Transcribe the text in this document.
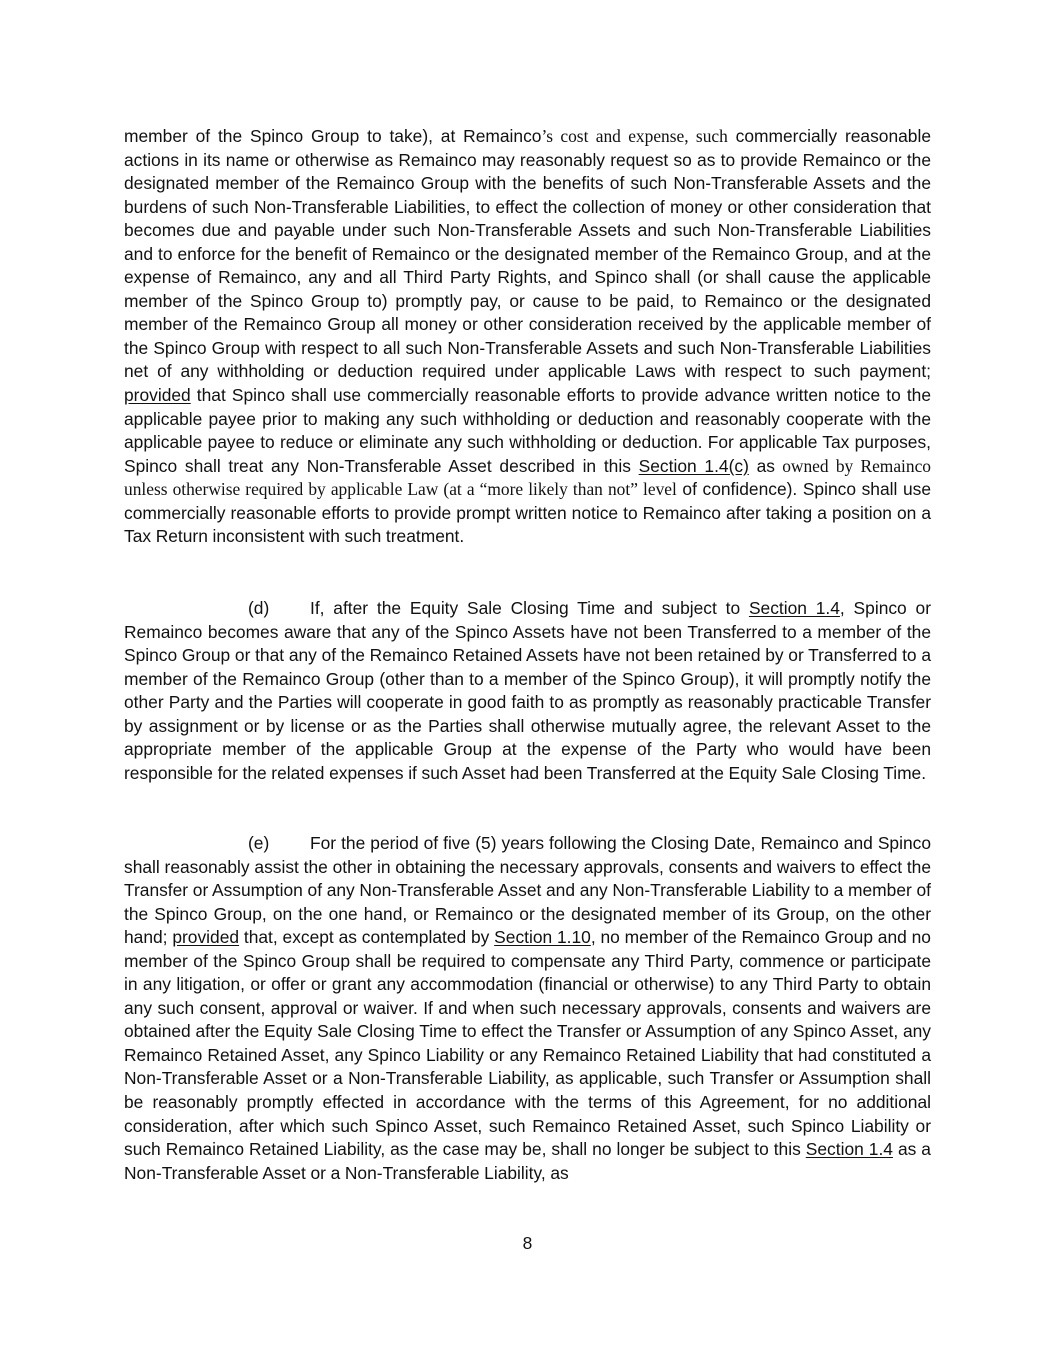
member of the Spinco Group to take), at Remainco’s cost and expense, such commercially reasonable actions in its name or otherwise as Remainco may reasonably request so as to provide Remainco or the designated member of the Remainco Group with the benefits of such Non-Transferable Assets and the burdens of such Non-Transferable Liabilities, to effect the collection of money or other consideration that becomes due and payable under such Non-Transferable Assets and such Non-Transferable Liabilities and to enforce for the benefit of Remainco or the designated member of the Remainco Group, and at the expense of Remainco, any and all Third Party Rights, and Spinco shall (or shall cause the applicable member of the Spinco Group to) promptly pay, or cause to be paid, to Remainco or the designated member of the Remainco Group all money or other consideration received by the applicable member of the Spinco Group with respect to all such Non-Transferable Assets and such Non-Transferable Liabilities net of any withholding or deduction required under applicable Laws with respect to such payment; provided that Spinco shall use commercially reasonable efforts to provide advance written notice to the applicable payee prior to making any such withholding or deduction and reasonably cooperate with the applicable payee to reduce or eliminate any such withholding or deduction. For applicable Tax purposes, Spinco shall treat any Non-Transferable Asset described in this Section 1.4(c) as owned by Remainco unless otherwise required by applicable Law (at a “more likely than not” level of confidence). Spinco shall use commercially reasonable efforts to provide prompt written notice to Remainco after taking a position on a Tax Return inconsistent with such treatment.
(d) If, after the Equity Sale Closing Time and subject to Section 1.4, Spinco or Remainco becomes aware that any of the Spinco Assets have not been Transferred to a member of the Spinco Group or that any of the Remainco Retained Assets have not been retained by or Transferred to a member of the Remainco Group (other than to a member of the Spinco Group), it will promptly notify the other Party and the Parties will cooperate in good faith to as promptly as reasonably practicable Transfer by assignment or by license or as the Parties shall otherwise mutually agree, the relevant Asset to the appropriate member of the applicable Group at the expense of the Party who would have been responsible for the related expenses if such Asset had been Transferred at the Equity Sale Closing Time.
(e) For the period of five (5) years following the Closing Date, Remainco and Spinco shall reasonably assist the other in obtaining the necessary approvals, consents and waivers to effect the Transfer or Assumption of any Non-Transferable Asset and any Non-Transferable Liability to a member of the Spinco Group, on the one hand, or Remainco or the designated member of its Group, on the other hand; provided that, except as contemplated by Section 1.10, no member of the Remainco Group and no member of the Spinco Group shall be required to compensate any Third Party, commence or participate in any litigation, or offer or grant any accommodation (financial or otherwise) to any Third Party to obtain any such consent, approval or waiver. If and when such necessary approvals, consents and waivers are obtained after the Equity Sale Closing Time to effect the Transfer or Assumption of any Spinco Asset, any Remainco Retained Asset, any Spinco Liability or any Remainco Retained Liability that had constituted a Non-Transferable Asset or a Non-Transferable Liability, as applicable, such Transfer or Assumption shall be reasonably promptly effected in accordance with the terms of this Agreement, for no additional consideration, after which such Spinco Asset, such Remainco Retained Asset, such Spinco Liability or such Remainco Retained Liability, as the case may be, shall no longer be subject to this Section 1.4 as a Non-Transferable Asset or a Non-Transferable Liability, as
8
